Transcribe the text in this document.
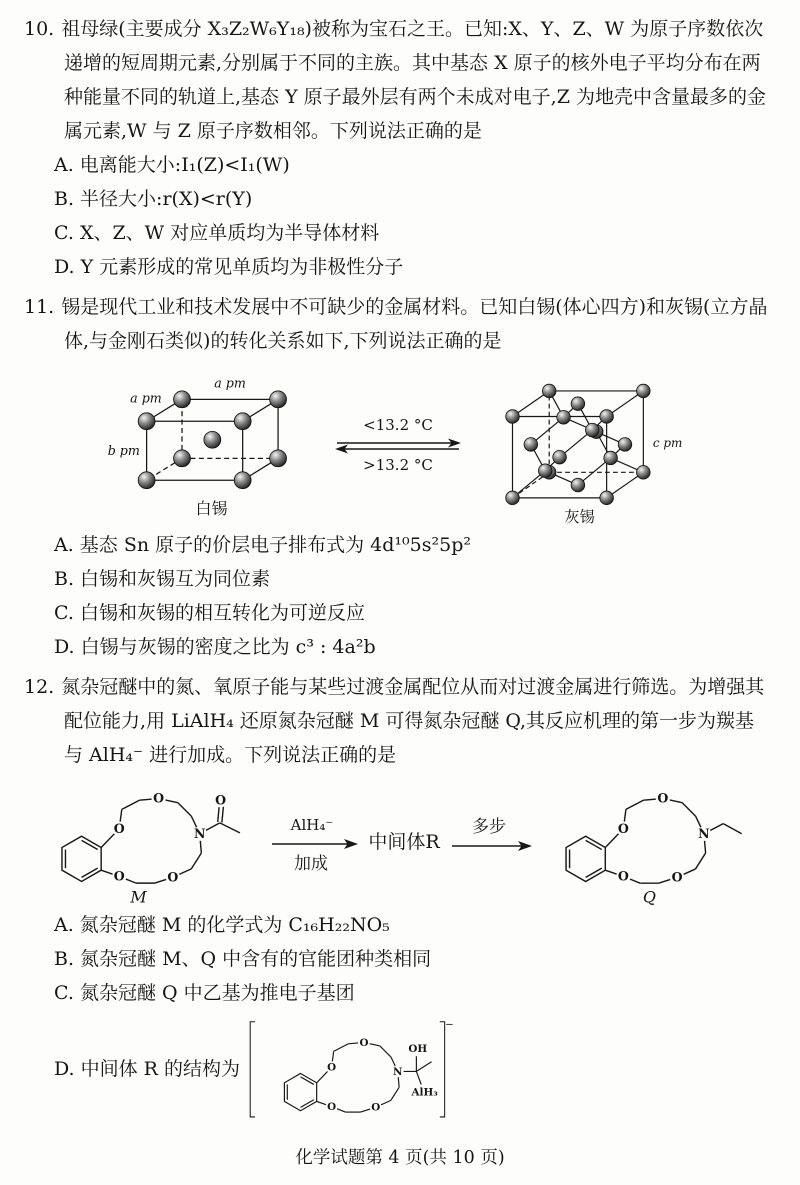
10. 祖母绿(主要成分 X₃Z₂W₆Y₁₈)被称为宝石之王。已知:X、Y、Z、W 为原子序数依次递增的短周期元素,分别属于不同的主族。其中基态 X 原子的核外电子平均分布在两种能量不同的轨道上,基态 Y 原子最外层有两个未成对电子,Z 为地壳中含量最多的金属元素,W 与 Z 原子序数相邻。下列说法正确的是

A. 电离能大小:I₁(Z)<I₁(W)

B. 半径大小:r(X)<r(Y)

C. X、Z、W 对应单质均为半导体材料

D. Y 元素形成的常见单质均为非极性分子

11. 锡是现代工业和技术发展中不可缺少的金属材料。已知白锡(体心四方)和灰锡(立方晶体,与金刚石类似)的转化关系如下,下列说法正确的是

a pm
a pm
b pm
白锡
<13.2 °C
>13.2 °C
c pm
灰锡

A. 基态 Sn 原子的价层电子排布式为 4d¹⁰5s²5p²

B. 白锡和灰锡互为同位素

C. 白锡和灰锡的相互转化为可逆反应

D. 白锡与灰锡的密度之比为 c³ : 4a²b

12. 氮杂冠醚中的氮、氧原子能与某些过渡金属配位从而对过渡金属进行筛选。为增强其配位能力,用 LiAlH₄ 还原氮杂冠醚 M 可得氮杂冠醚 Q,其反应机理的第一步为羰基与 AlH₄⁻ 进行加成。下列说法正确的是

O
O
N
O
O
O
M
AlH₄⁻
加成
中间体R
多步	O
O
N
O
O
Q

A. 氮杂冠醚 M 的化学式为 C₁₆H₂₂NO₅

B. 氮杂冠醚 M、Q 中含有的官能团种类相同

C. 氮杂冠醚 Q 中乙基为推电子基团

D. 中间体 R 的结构为
−
O
O
N
O
O
OH
AlH₃
化学试题第 4 页(共 10 页)
